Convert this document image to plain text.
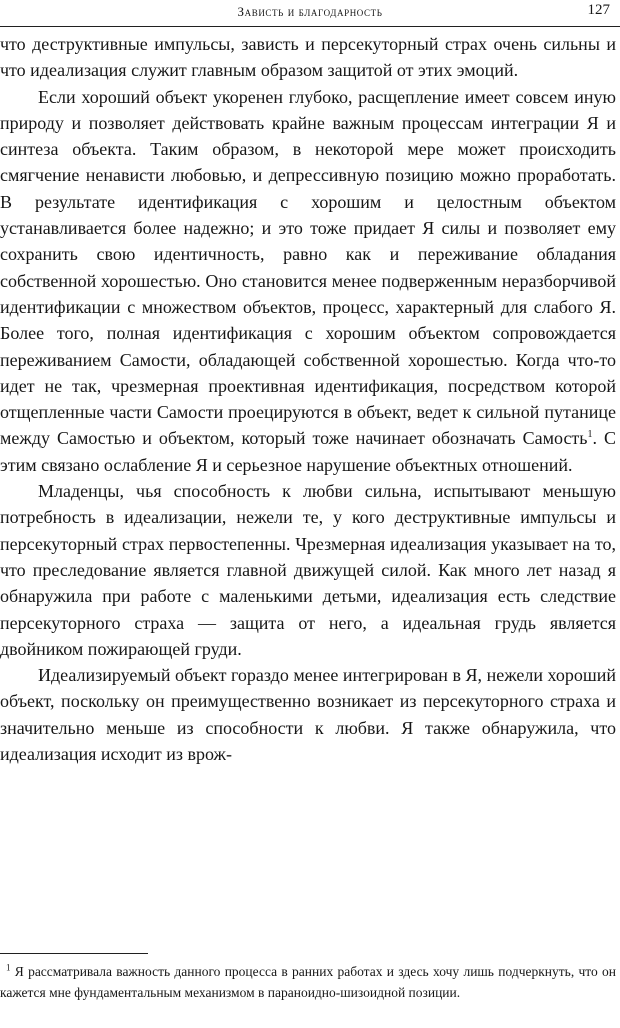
Зависть и благодарность	127

что деструктивные импульсы, зависть и персекуторный страх очень сильны и что идеализация служит главным образом защитой от этих эмоций.

Если хороший объект укоренен глубоко, расщепление имеет совсем иную природу и позволяет действовать крайне важным процессам интеграции Я и синтеза объекта. Таким образом, в некоторой мере может происходить смягчение ненависти любовью, и депрессивную позицию можно проработать. В результате идентификация с хорошим и целостным объектом устанавливается более надежно; и это тоже придает Я силы и позволяет ему сохранить свою идентичность, равно как и переживание обладания собственной хорошестью. Оно становится менее подверженным неразборчивой идентификации с множеством объектов, процесс, характерный для слабого Я. Более того, полная идентификация с хорошим объектом сопровождается переживанием Самости, обладающей собственной хорошестью. Когда что-то идет не так, чрезмерная проективная идентификация, посредством которой отщепленные части Самости проецируются в объект, ведет к сильной путанице между Самостью и объектом, который тоже начинает обозначать Самость$^1$. С этим связано ослабление Я и серьезное нарушение объектных отношений.

Младенцы, чья способность к любви сильна, испытывают меньшую потребность в идеализации, нежели те, у кого деструктивные импульсы и персекуторный страх первостепенны. Чрезмерная идеализация указывает на то, что преследование является главной движущей силой. Как много лет назад я обнаружила при работе с маленькими детьми, идеализация есть следствие персекуторного страха — защита от него, а идеальная грудь является двойником пожирающей груди.

Идеализируемый объект гораздо менее интегрирован в Я, нежели хороший объект, поскольку он преимущественно возникает из персекуторного страха и значительно меньше из способности к любви. Я также обнаружила, что идеализация исходит из врож-

$^1$ Я рассматривала важность данного процесса в ранних работах и здесь хочу лишь подчеркнуть, что он кажется мне фундаментальным механизмом в параноидно-шизоидной позиции.
